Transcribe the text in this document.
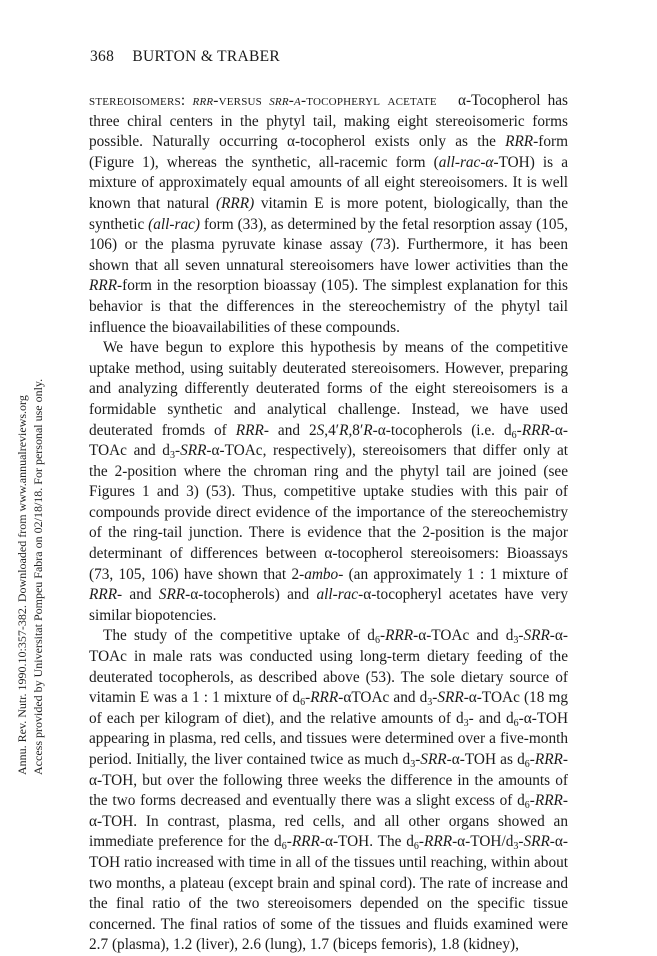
368 BURTON & TRABER
Annu. Rev. Nutr. 1990.10:357-382. Downloaded from www.annualreviews.org Access provided by Universitat Pompeu Fabra on 02/18/18. For personal use only.

stereoisomers: rrr-versus srr-α-tocopheryl acetate α-Tocopherol has three chiral centers in the phytyl tail, making eight stereoisomeric forms possible. Naturally occurring α-tocopherol exists only as the RRR-form (Figure 1), whereas the synthetic, all-racemic form (all-rac-α-TOH) is a mixture of approximately equal amounts of all eight stereoisomers. It is well known that natural (RRR) vitamin E is more potent, biologically, than the synthetic (all-rac) form (33), as determined by the fetal resorption assay (105, 106) or the plasma pyruvate kinase assay (73). Furthermore, it has been shown that all seven unnatural stereoisomers have lower activities than the RRR-form in the resorption bioassay (105). The simplest explanation for this behavior is that the differences in the stereochemistry of the phytyl tail influence the bioavailabilities of these compounds.

We have begun to explore this hypothesis by means of the competitive uptake method, using suitably deuterated stereoisomers. However, preparing and analyzing differently deuterated forms of the eight stereoisomers is a formidable synthetic and analytical challenge. Instead, we have used deuterated fromds of RRR- and 2S,4′R,8′R-α-tocopherols (i.e. $d_6-RRR-\alpha$-TOAc and $d_3-SRR-\alpha$-TOAc, respectively), stereoisomers that differ only at the 2-position where the chroman ring and the phytyl tail are joined (see Figures 1 and 3) (53). Thus, competitive uptake studies with this pair of compounds provide direct evidence of the importance of the stereochemistry of the ring-tail junction. There is evidence that the 2-position is the major determinant of differences between α-tocopherol stereoisomers: Bioassays (73, 105, 106) have shown that 2-ambo- (an approximately 1 : 1 mixture of RRR- and SRR-α-tocopherols) and all-rac-α-tocopheryl acetates have very similar biopotencies.

The study of the competitive uptake of $d_6-RRR-\alpha$-TOAc and $d_3-SRR-\alpha$-TOAc in male rats was conducted using long-term dietary feeding of the deuterated tocopherols, as described above (53). The sole dietary source of vitamin E was a 1 : 1 mixture of $d_6-RRR$-αTOAc and $d_3-SRR-\alpha$-TOAc (18 mg of each per kilogram of diet), and the relative amounts of $d_3-$ and $d_6-\alpha$-TOH appearing in plasma, red cells, and tissues were determined over a five-month period. Initially, the liver contained twice as much $d_3-SRR-\alpha$-TOH as $d_6-RRR-\alpha$-TOH, but over the following three weeks the difference in the amounts of the two forms decreased and eventually there was a slight excess of $d_6-RRR-\alpha$-TOH. In contrast, plasma, red cells, and all other organs showed an immediate preference for the $d_6-RRR-\alpha$-TOH. The $d_6-RRR-\alpha-TOH/d_3-SRR-\alpha$-TOH ratio increased with time in all of the tissues until reaching, within about two months, a plateau (except brain and spinal cord). The rate of increase and the final ratio of the two stereoisomers depended on the specific tissue concerned. The final ratios of some of the tissues and fluids examined were 2.7 (plasma), 1.2 (liver), 2.6 (lung), 1.7 (biceps femoris), 1.8 (kidney),
